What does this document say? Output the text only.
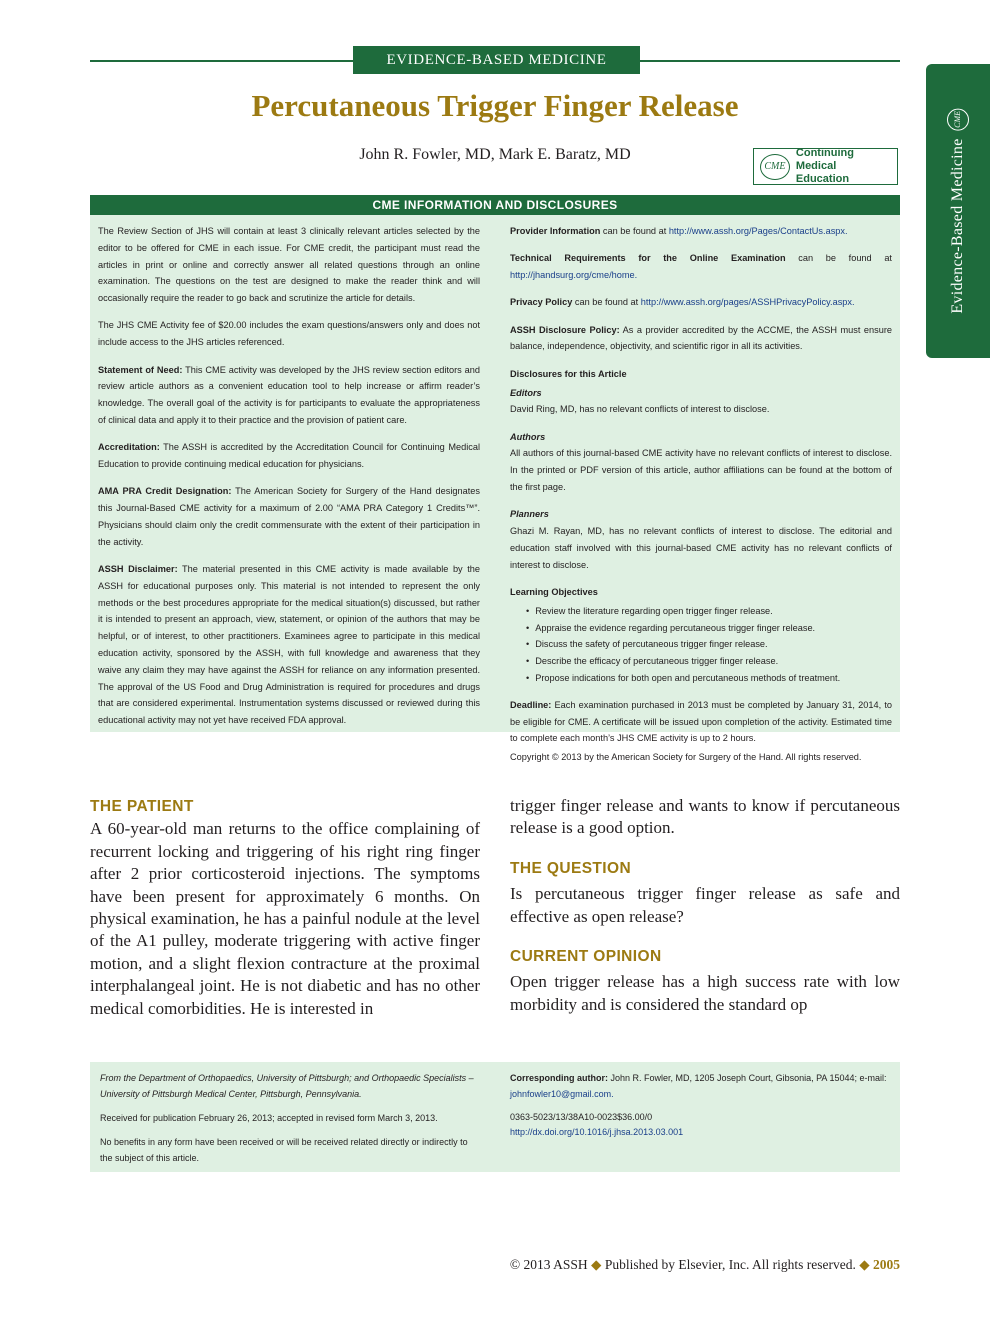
EVIDENCE-BASED MEDICINE
Evidence-Based Medicine
CME
Percutaneous Trigger Finger Release
John R. Fowler, MD, Mark E. Baratz, MD
CME
Continuing Medical
Education
CME INFORMATION AND DISCLOSURES

The Review Section of JHS will contain at least 3 clinically relevant articles selected by the editor to be offered for CME in each issue. For CME credit, the participant must read the articles in print or online and correctly answer all related questions through an online examination. The questions on the test are designed to make the reader think and will occasionally require the reader to go back and scrutinize the article for details.

The JHS CME Activity fee of $20.00 includes the exam questions/answers only and does not include access to the JHS articles referenced.

Statement of Need: This CME activity was developed by the JHS review section editors and review article authors as a convenient education tool to help increase or affirm reader’s knowledge. The overall goal of the activity is for participants to evaluate the appropriateness of clinical data and apply it to their practice and the provision of patient care.

Accreditation: The ASSH is accredited by the Accreditation Council for Continuing Medical Education to provide continuing medical education for physicians.

AMA PRA Credit Designation: The American Society for Surgery of the Hand designates this Journal-Based CME activity for a maximum of 2.00 “AMA PRA Category 1 Credits™”. Physicians should claim only the credit commensurate with the extent of their participation in the activity.

ASSH Disclaimer: The material presented in this CME activity is made available by the ASSH for educational purposes only. This material is not intended to represent the only methods or the best procedures appropriate for the medical situation(s) discussed, but rather it is intended to present an approach, view, statement, or opinion of the authors that may be helpful, or of interest, to other practitioners. Examinees agree to participate in this medical education activity, sponsored by the ASSH, with full knowledge and awareness that they waive any claim they may have against the ASSH for reliance on any information presented. The approval of the US Food and Drug Administration is required for procedures and drugs that are considered experimental. Instrumentation systems discussed or reviewed during this educational activity may not yet have received FDA approval.

Provider Information can be found at http://www.assh.org/Pages/ContactUs.aspx.

Technical Requirements for the Online Examination can be found at http://jhandsurg.org/cme/home.

Privacy Policy can be found at http://www.assh.org/pages/ASSHPrivacyPolicy.aspx.

ASSH Disclosure Policy: As a provider accredited by the ACCME, the ASSH must ensure balance, independence, objectivity, and scientific rigor in all its activities.

Disclosures for this Article

Editors
David Ring, MD, has no relevant conflicts of interest to disclose.

Authors
All authors of this journal-based CME activity have no relevant conflicts of interest to disclose. In the printed or PDF version of this article, author affiliations can be found at the bottom of the first page.

Planners
Ghazi M. Rayan, MD, has no relevant conflicts of interest to disclose. The editorial and education staff involved with this journal-based CME activity has no relevant conflicts of interest to disclose.

Learning Objectives

• Review the literature regarding open trigger finger release.
• Appraise the evidence regarding percutaneous trigger finger release.
• Discuss the safety of percutaneous trigger finger release.
• Describe the efficacy of percutaneous trigger finger release.
• Propose indications for both open and percutaneous methods of treatment.

Deadline: Each examination purchased in 2013 must be completed by January 31, 2014, to be eligible for CME. A certificate will be issued upon completion of the activity. Estimated time to complete each month’s JHS CME activity is up to 2 hours.

Copyright © 2013 by the American Society for Surgery of the Hand. All rights reserved.

THE PATIENT

A 60-year-old man returns to the office complaining of recurrent locking and triggering of his right ring finger after 2 prior corticosteroid injections. The symptoms have been present for approximately 6 months. On physical examination, he has a painful nodule at the level of the A1 pulley, moderate triggering with active finger motion, and a slight flexion contracture at the proximal interphalangeal joint. He is not diabetic and has no other medical comorbidities. He is interested in

trigger finger release and wants to know if percutaneous release is a good option.

THE QUESTION

Is percutaneous trigger finger release as safe and effective as open release?

CURRENT OPINION

Open trigger release has a high success rate with low morbidity and is considered the standard op

From the Department of Orthopaedics, University of Pittsburgh; and Orthopaedic Specialists – University of Pittsburgh Medical Center, Pittsburgh, Pennsylvania.

Received for publication February 26, 2013; accepted in revised form March 3, 2013.

No benefits in any form have been received or will be received related directly or indirectly to the subject of this article.

Corresponding author: John R. Fowler, MD, 1205 Joseph Court, Gibsonia, PA 15044; e-mail: johnfowler10@gmail.com.

0363-5023/13/38A10-0023$36.00/0
http://dx.doi.org/10.1016/j.jhsa.2013.03.001

© 2013 ASSH ◆ Published by Elsevier, Inc. All rights reserved. ◆ 2005
